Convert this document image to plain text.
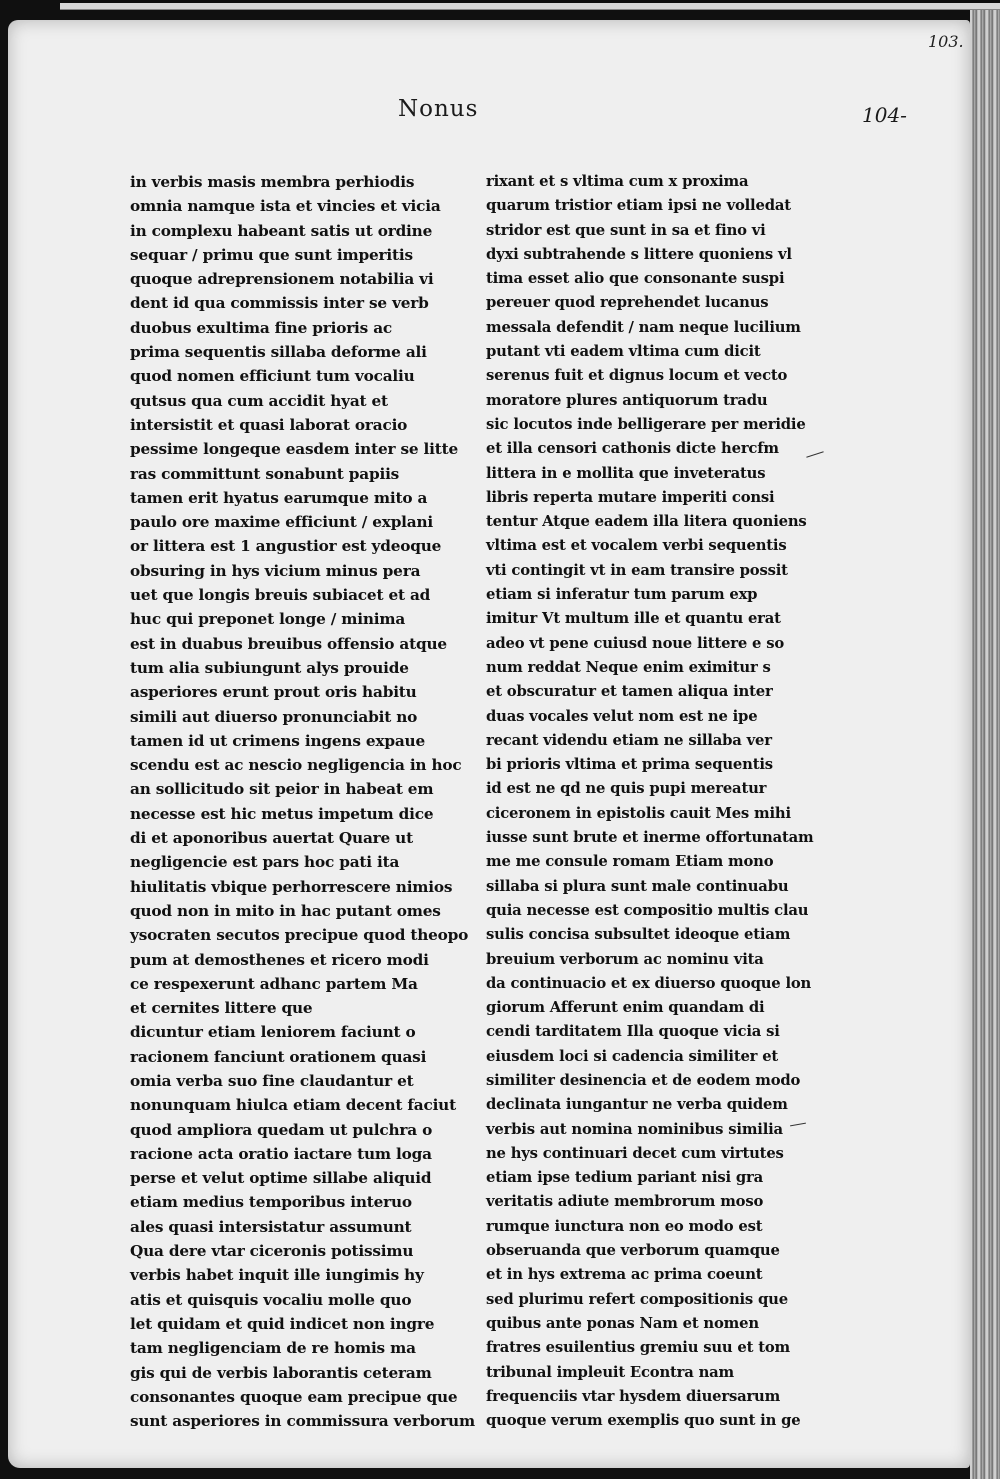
103.
104-
Nonus
in verbis masis membra perhiodis
omnia namque ista et vincies et vicia
in complexu habeant satis ut ordine
sequar / primu que sunt imperitis
quoque adreprensionem notabilia vi
dent id qua commissis inter se verb
duobus exultima fine prioris ac
prima sequentis sillaba deforme ali
quod nomen efficiunt tum vocaliu
qutsus qua cum accidit hyat et
intersistit et quasi laborat oracio
pessime longeque easdem inter se litte
ras committunt sonabunt papiis
tamen erit hyatus earumque mito a
paulo ore maxime efficiunt / explani
or littera est 1 angustior est ydeoque
obsuring in hys vicium minus pera
uet que longis breuis subiacet et ad
huc qui preponet longe / minima
est in duabus breuibus offensio atque
tum alia subiungunt alys prouide
asperiores erunt prout oris habitu
simili aut diuerso pronunciabit no
tamen id ut crimens ingens expaue
scendu est ac nescio negligencia in hoc
an sollicitudo sit peior in habeat em
necesse est hic metus impetum dice
di et aponoribus auertat Quare ut
negligencie est pars hoc pati ita
hiulitatis vbique perhorrescere nimios
quod non in mito in hac putant omes
ysocraten secutos precipue quod theopo
pum at demosthenes et ricero modi
ce respexerunt adhanc partem Ma
et cernites littere que
dicuntur etiam leniorem faciunt o
racionem fanciunt orationem quasi
omia verba suo fine claudantur et
nonunquam hiulca etiam decent faciut
quod ampliora quedam ut pulchra o
racione acta oratio iactare tum loga
perse et velut optime sillabe aliquid
etiam medius temporibus interuo
ales quasi intersistatur assumunt
Qua dere vtar ciceronis potissimu
verbis habet inquit ille iungimis hy
atis et quisquis vocaliu molle quo
let quidam et quid indicet non ingre
tam negligenciam de re homis ma
gis qui de verbis laborantis ceteram
consonantes quoque eam precipue que
sunt asperiores in commissura verborum
rixant et s vltima cum x proxima
quarum tristior etiam ipsi ne volledat
stridor est que sunt in sa et fino vi
dyxi subtrahende s littere quoniens vl
tima esset alio que consonante suspi
pereuer quod reprehendet lucanus
messala defendit / nam neque lucilium
putant vti eadem vltima cum dicit
serenus fuit et dignus locum et vecto
moratore plures antiquorum tradu
sic locutos inde belligerare per meridie
et illa censori cathonis dicte hercfm
littera in e mollita que inveteratus
libris reperta mutare imperiti consi
tentur Atque eadem illa litera quoniens
vltima est et vocalem verbi sequentis
vti contingit vt in eam transire possit
etiam si inferatur tum parum exp
imitur Vt multum ille et quantu erat
adeo vt pene cuiusd noue littere e so
num reddat Neque enim eximitur s
et obscuratur et tamen aliqua inter
duas vocales velut nom est ne ipe
recant videndu etiam ne sillaba ver
bi prioris vltima et prima sequentis
id est ne qd ne quis pupi mereatur
ciceronem in epistolis cauit Mes mihi
iusse sunt brute et inerme offortunatam
me me consule romam Etiam mono
sillaba si plura sunt male continuabu
quia necesse est compositio multis clau
sulis concisa subsultet ideoque etiam
breuium verborum ac nominu vita
da continuacio et ex diuerso quoque lon
giorum Afferunt enim quandam di
cendi tarditatem Illa quoque vicia si
eiusdem loci si cadencia similiter et
similiter desinencia et de eodem modo
declinata iungantur ne verba quidem
verbis aut nomina nominibus similia
ne hys continuari decet cum virtutes
etiam ipse tedium pariant nisi gra
veritatis adiute membrorum moso
rumque iunctura non eo modo est
obseruanda que verborum quamque
et in hys extrema ac prima coeunt
sed plurimu refert compositionis que
quibus ante ponas Nam et nomen
fratres esuilentius gremiu suu et tom
tribunal impleuit Econtra nam
frequenciis vtar hysdem diuersarum
quoque verum exemplis quo sunt in ge
